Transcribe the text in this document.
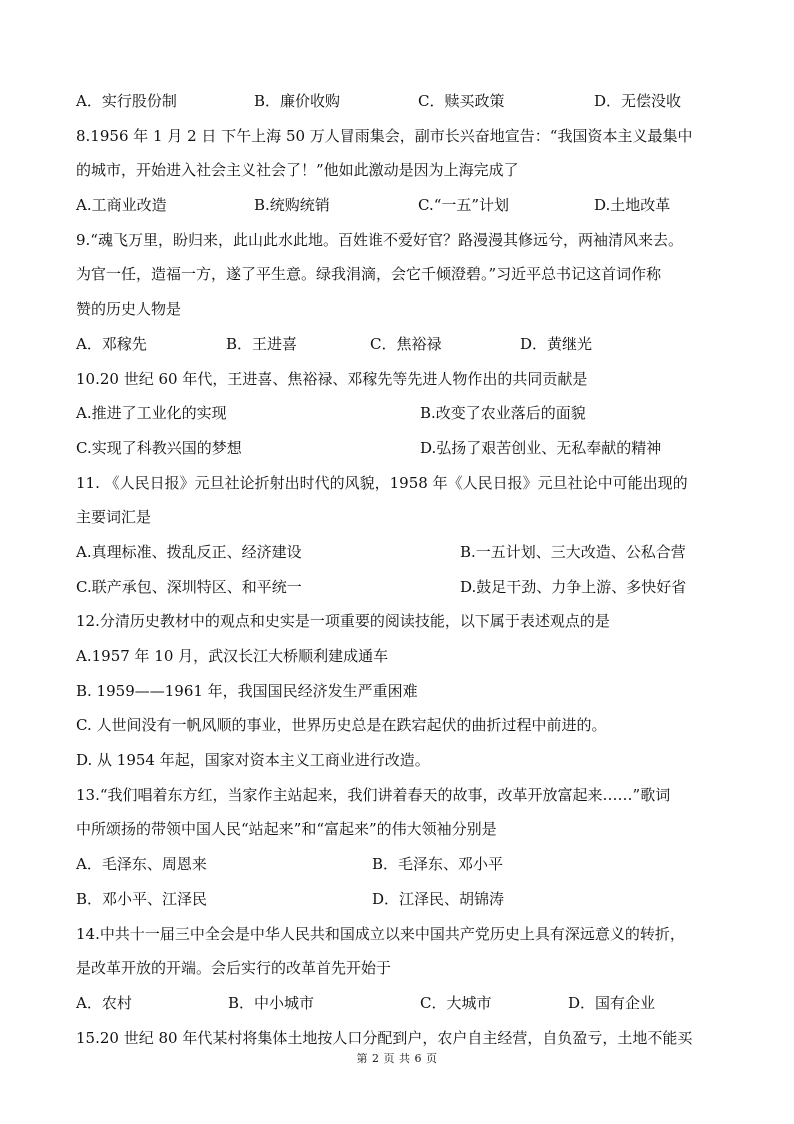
A．实行股份制	B．廉价收购	C．赎买政策	D．无偿没收
8.1956 年 1 月 2 日 下午上海 50 万人冒雨集会，副市长兴奋地宣告：“我国资本主义最集中
的城市，开始进入社会主义社会了！”他如此激动是因为上海完成了
A.工商业改造	B.统购统销	C.“一五”计划	D.土地改革
9.“魂飞万里，盼归来，此山此水此地。百姓谁不爱好官？路漫漫其修远兮，两袖清风来去。
为官一任，造福一方，遂了平生意。绿我涓滴，会它千倾澄碧。”习近平总书记这首词作称
赞的历史人物是
A．邓稼先	B．王进喜	C．焦裕禄	D．黄继光
10.20 世纪 60 年代，王进喜、焦裕禄、邓稼先等先进人物作出的共同贡献是
A.推进了工业化的实现	B.改变了农业落后的面貌
C.实现了科教兴国的梦想	D.弘扬了艰苦创业、无私奉献的精神
11. 《人民日报》元旦社论折射出时代的风貌，1958 年《人民日报》元旦社论中可能出现的
主要词汇是
A.真理标准、拨乱反正、经济建设	B.一五计划、三大改造、公私合营
C.联产承包、深圳特区、和平统一	D.鼓足干劲、力争上游、多快好省
12.分清历史教材中的观点和史实是一项重要的阅读技能，以下属于表述观点的是
A.1957 年 10 月，武汉长江大桥顺利建成通车
B. 1959——1961 年，我国国民经济发生严重困难
C. 人世间没有一帆风顺的事业，世界历史总是在跌宕起伏的曲折过程中前进的。
D. 从 1954 年起，国家对资本主义工商业进行改造。
13.“我们唱着东方红，当家作主站起来，我们讲着春天的故事，改革开放富起来……”歌词
中所颂扬的带领中国人民“站起来”和“富起来”的伟大领袖分别是
A．毛泽东、周恩来	B．毛泽东、邓小平
B．邓小平、江泽民	D．江泽民、胡锦涛
14.中共十一届三中全会是中华人民共和国成立以来中国共产党历史上具有深远意义的转折，
是改革开放的开端。会后实行的改革首先开始于
A．农村	B．中小城市	C．大城市	D．国有企业
15.20 世纪 80 年代某村将集体土地按人口分配到户，农户自主经营，自负盈亏，土地不能买
第 2 页 共 6 页
